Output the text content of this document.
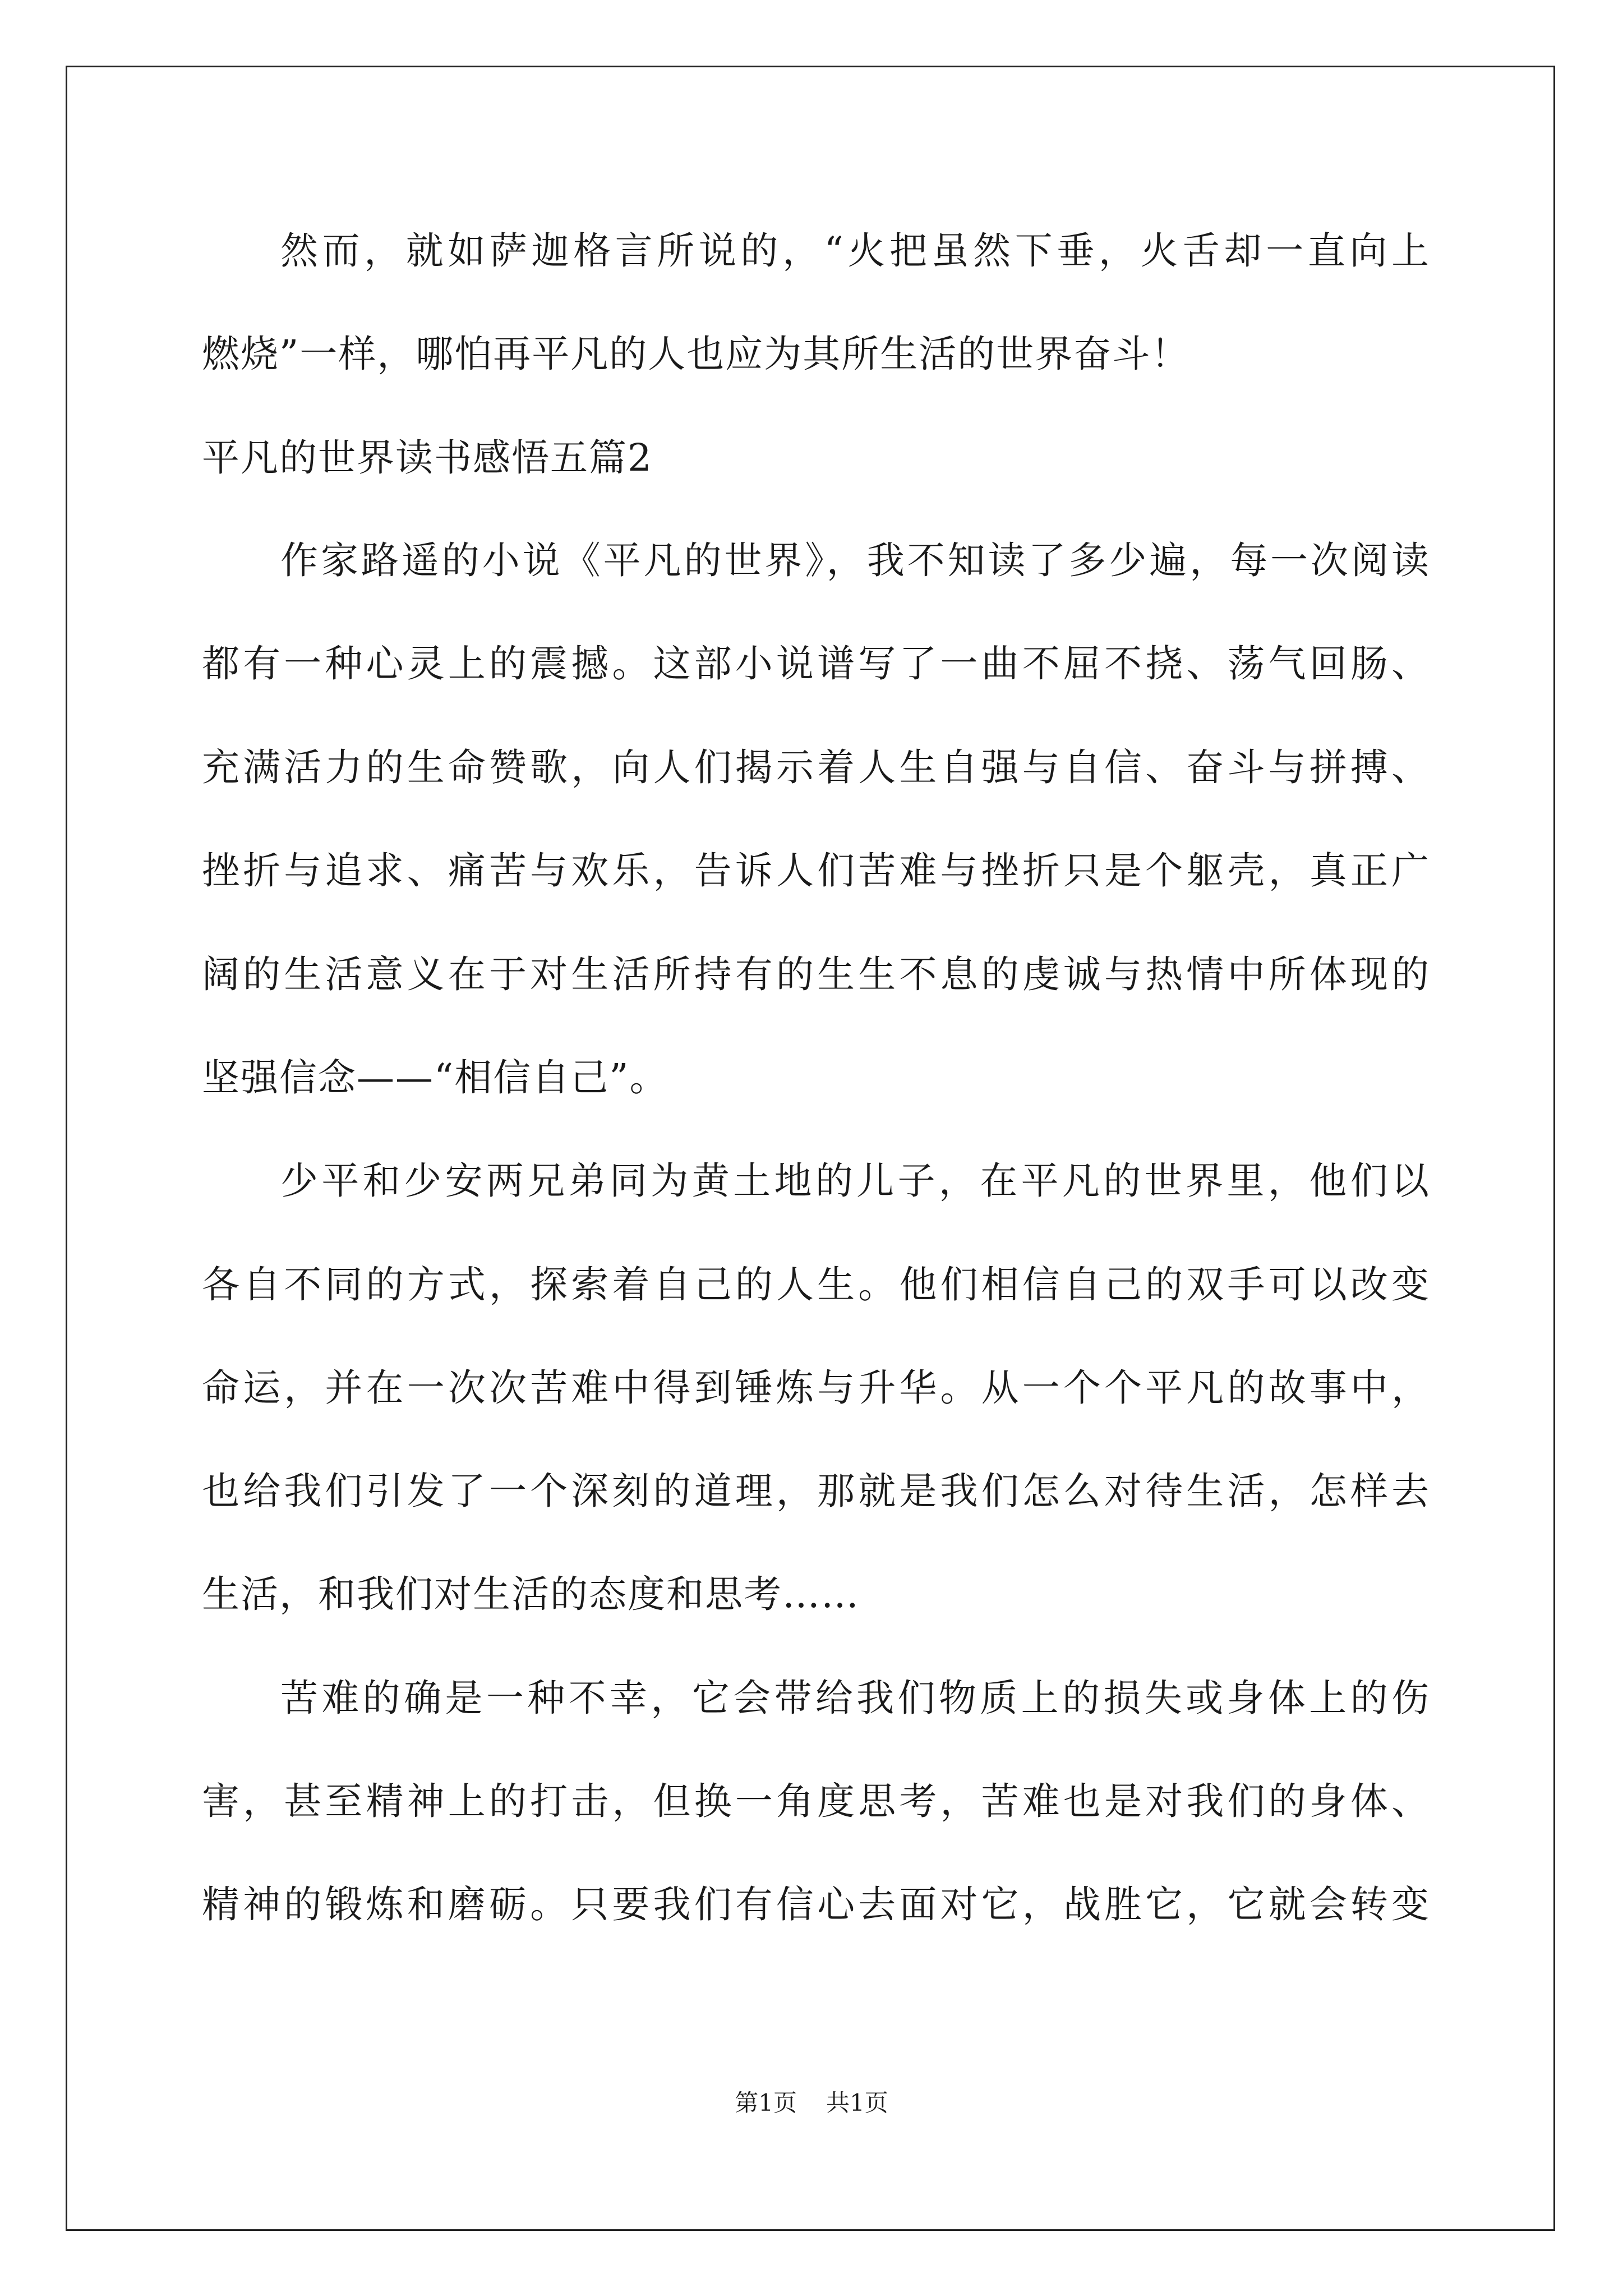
然而，就如萨迦格言所说的，“火把虽然下垂，火舌却一直向上
燃烧”一样，哪怕再平凡的人也应为其所生活的世界奋斗！
平凡的世界读书感悟五篇2
作家路遥的小说《平凡的世界》，我不知读了多少遍，每一次阅读
都有一种心灵上的震撼。这部小说谱写了一曲不屈不挠、荡气回肠、
充满活力的生命赞歌，向人们揭示着人生自强与自信、奋斗与拼搏、
挫折与追求、痛苦与欢乐，告诉人们苦难与挫折只是个躯壳，真正广
阔的生活意义在于对生活所持有的生生不息的虔诚与热情中所体现的
坚强信念——“相信自己”。
少平和少安两兄弟同为黄土地的儿子，在平凡的世界里，他们以
各自不同的方式，探索着自己的人生。他们相信自己的双手可以改变
命运，并在一次次苦难中得到锤炼与升华。从一个个平凡的故事中，
也给我们引发了一个深刻的道理，那就是我们怎么对待生活，怎样去
生活，和我们对生活的态度和思考……
苦难的确是一种不幸，它会带给我们物质上的损失或身体上的伤
害，甚至精神上的打击，但换一角度思考，苦难也是对我们的身体、
精神的锻炼和磨砺。只要我们有信心去面对它，战胜它，它就会转变
第1页 共1页
